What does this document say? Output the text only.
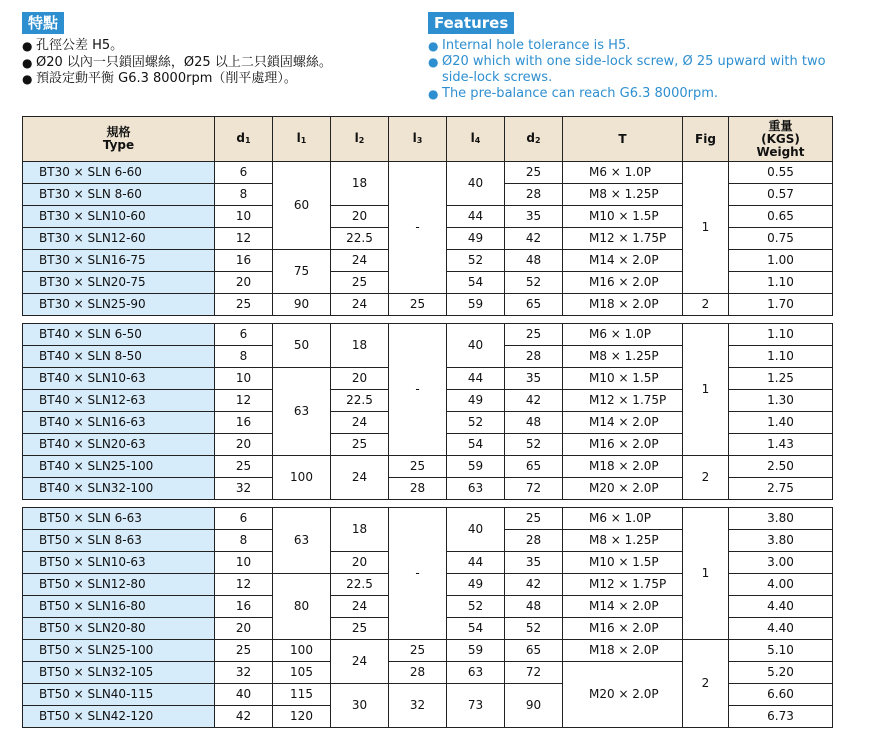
特點
● 孔徑公差 H5。
● Ø20 以內一只鎖固螺絲，Ø25 以上二只鎖固螺絲。
● 預設定動平衡 G6.3 8000rpm（削平處理）。
Features
● Internal hole tolerance is H5.
● Ø20 which with one side-lock screw, Ø 25 upward with two side-lock screws.
● The pre-balance can reach G6.3 8000rpm.
規格
Type	d1	l1	l2	l3	l4	d2	T	Fig	重量
(KGS)
Weight
BT30 × SLN 6-60	6	60	18	-	40	25	M6 × 1.0P	1	0.55
BT30 × SLN 8-60	8					28	M8 × 1.25P		0.57
BT30 × SLN10-60	10		20		44	35	M10 × 1.5P		0.65
BT30 × SLN12-60	12		22.5		49	42	M12 × 1.75P		0.75
BT30 × SLN16-75	16	75	24		52	48	M14 × 2.0P		1.00
BT30 × SLN20-75	20		25		54	52	M16 × 2.0P		1.10
BT30 × SLN25-90	25	90	24	25	59	65	M18 × 2.0P	2	1.70

BT40 × SLN 6-50	6	50	18	-	40	25	M6 × 1.0P	1	1.10
BT40 × SLN 8-50	8					28	M8 × 1.25P		1.10
BT40 × SLN10-63	10	63	20		44	35	M10 × 1.5P		1.25
BT40 × SLN12-63	12		22.5		49	42	M12 × 1.75P		1.30
BT40 × SLN16-63	16		24		52	48	M14 × 2.0P		1.40
BT40 × SLN20-63	20		25		54	52	M16 × 2.0P		1.43
BT40 × SLN25-100	25	100	24	25	59	65	M18 × 2.0P	2	2.50
BT40 × SLN32-100	32			28	63	72	M20 × 2.0P		2.75

BT50 × SLN 6-63	6	63	18	-	40	25	M6 × 1.0P	1	3.80
BT50 × SLN 8-63	8					28	M8 × 1.25P		3.80
BT50 × SLN10-63	10		20		44	35	M10 × 1.5P		3.00
BT50 × SLN12-80	12	80	22.5		49	42	M12 × 1.75P		4.00
BT50 × SLN16-80	16		24		52	48	M14 × 2.0P		4.40
BT50 × SLN20-80	20		25		54	52	M16 × 2.0P		4.40
BT50 × SLN25-100	25	100	24	25	59	65	M18 × 2.0P	2	5.10
BT50 × SLN32-105	32	105		28	63	72	M20 × 2.0P		5.20
BT50 × SLN40-115	40	115	30	32	73	90			6.60
BT50 × SLN42-120	42	120							6.73
